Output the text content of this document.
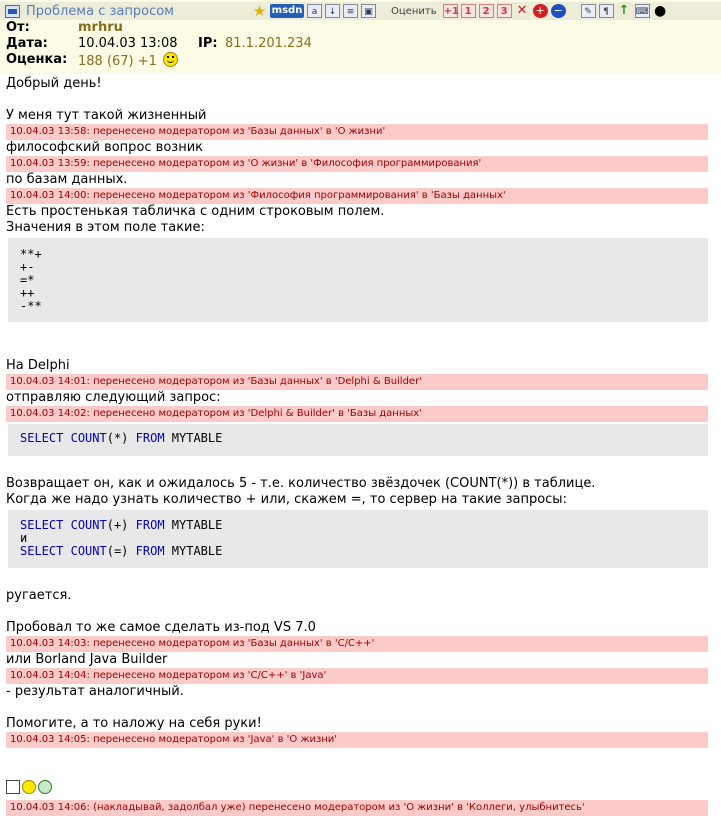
Проблема с запросом	★ msdn	a	↓	≡	▣	Оценить +1 1	2	3 ✕ + −	✎	¶ ↑ ⌨ ●
От:	mrhru
Дата: 10.04.03 13:08 IP: 81.1.201.234
Оценка: 188 (67) +1
Добрый день!
У меня тут такой жизненный
10.04.03 13:58: перенесено модератором из 'Базы данных' в 'О жизни'
философский вопрос возник
10.04.03 13:59: перенесено модератором из 'О жизни' в 'Философия программирования'
по базам данных.
10.04.03 14:00: перенесено модератором из 'Философия программирования' в 'Базы данных'
Есть простенькая табличка с одним строковым полем.
Значения в этом поле такие:
**+
+-
=*
++
-**
На Delphi
10.04.03 14:01: перенесено модератором из 'Базы данных' в 'Delphi & Builder'
отправляю следующий запрос:
10.04.03 14:02: перенесено модератором из 'Delphi & Builder' в 'Базы данных'
SELECT COUNT(*) FROM MYTABLE
Возвращает он, как и ожидалось 5 - т.е. количество звёздочек (COUNT(*)) в таблице.
Когда же надо узнать количество + или, скажем =, то сервер на такие запросы:
SELECT COUNT(+) FROM MYTABLE
и
SELECT COUNT(=) FROM MYTABLE
ругается.
Пробовал то же самое сделать из-под VS 7.0
10.04.03 14:03: перенесено модератором из 'Базы данных' в 'C/C++'
или Borland Java Builder
10.04.03 14:04: перенесено модератором из 'C/C++' в 'Java'
- результат аналогичный.
Помогите, а то наложу на себя руки!
10.04.03 14:05: перенесено модератором из 'Java' в 'О жизни'
10.04.03 14:06: (накладывай, задолбал уже) перенесено модератором из 'О жизни' в 'Коллеги, улыбнитесь'
